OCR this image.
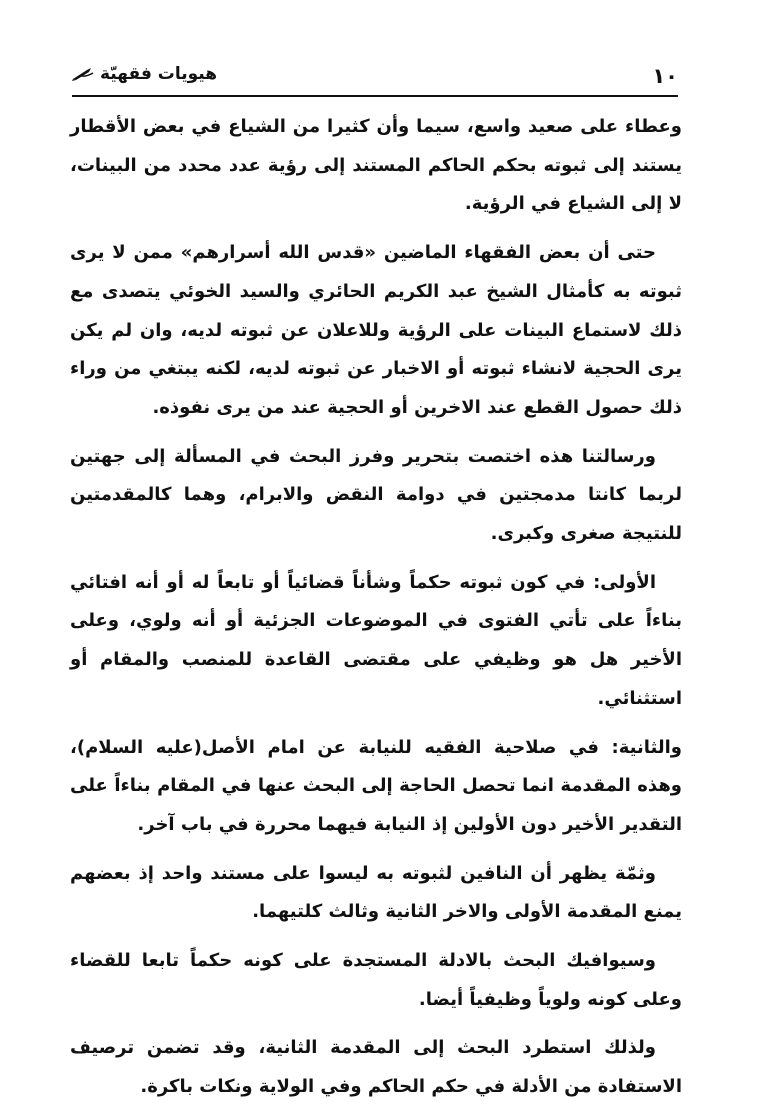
١٠
هيويات فقهيّة

وعطاء على صعيد واسع، سيما وأن كثيرا من الشياع في بعض الأقطار يستند إلى ثبوته بحكم الحاكم المستند إلى رؤية عدد محدد من البينات، لا إلى الشياع في الرؤية.

حتى أن بعض الفقهاء الماضين «قدس الله أسرارهم» ممن لا يرى ثبوته به كأمثال الشيخ عبد الكريم الحائري والسيد الخوئي يتصدى مع ذلك لاستماع البينات على الرؤية وللاعلان عن ثبوته لديه، وان لم يكن يرى الحجية لانشاء ثبوته أو الاخبار عن ثبوته لديه، لكنه يبتغي من وراء ذلك حصول القطع عند الاخرين أو الحجية عند من يرى نفوذه.

ورسالتنا هذه اختصت بتحرير وفرز البحث في المسألة إلى جهتين لربما كانتا مدمجتين في دوامة النقض والابرام، وهما كالمقدمتين للنتيجة صغرى وكبرى.

الأولى: في كون ثبوته حكماً وشأناً قضائياً أو تابعاً له أو أنه افتائي بناءاً على تأتي الفتوى في الموضوعات الجزئية أو أنه ولوي، وعلى الأخير هل هو وظيفي على مقتضى القاعدة للمنصب والمقام أو استثنائي.

والثانية: في صلاحية الفقيه للنيابة عن امام الأصل(عليه السلام)، وهذه المقدمة انما تحصل الحاجة إلى البحث عنها في المقام بناءاً على التقدير الأخير دون الأولين إذ النيابة فيهما محررة في باب آخر.

وثمّة يظهر أن النافين لثبوته به ليسوا على مستند واحد إذ بعضهم يمنع المقدمة الأولى والاخر الثانية وثالث كلتيهما.

وسيوافيك البحث بالادلة المستجدة على كونه حكماً تابعا للقضاء وعلى كونه ولوياً وظيفياً أيضا.

ولذلك استطرد البحث إلى المقدمة الثانية، وقد تضمن ترصيف الاستفادة من الأدلة في حكم الحاكم وفي الولاية ونكات باكرة.
